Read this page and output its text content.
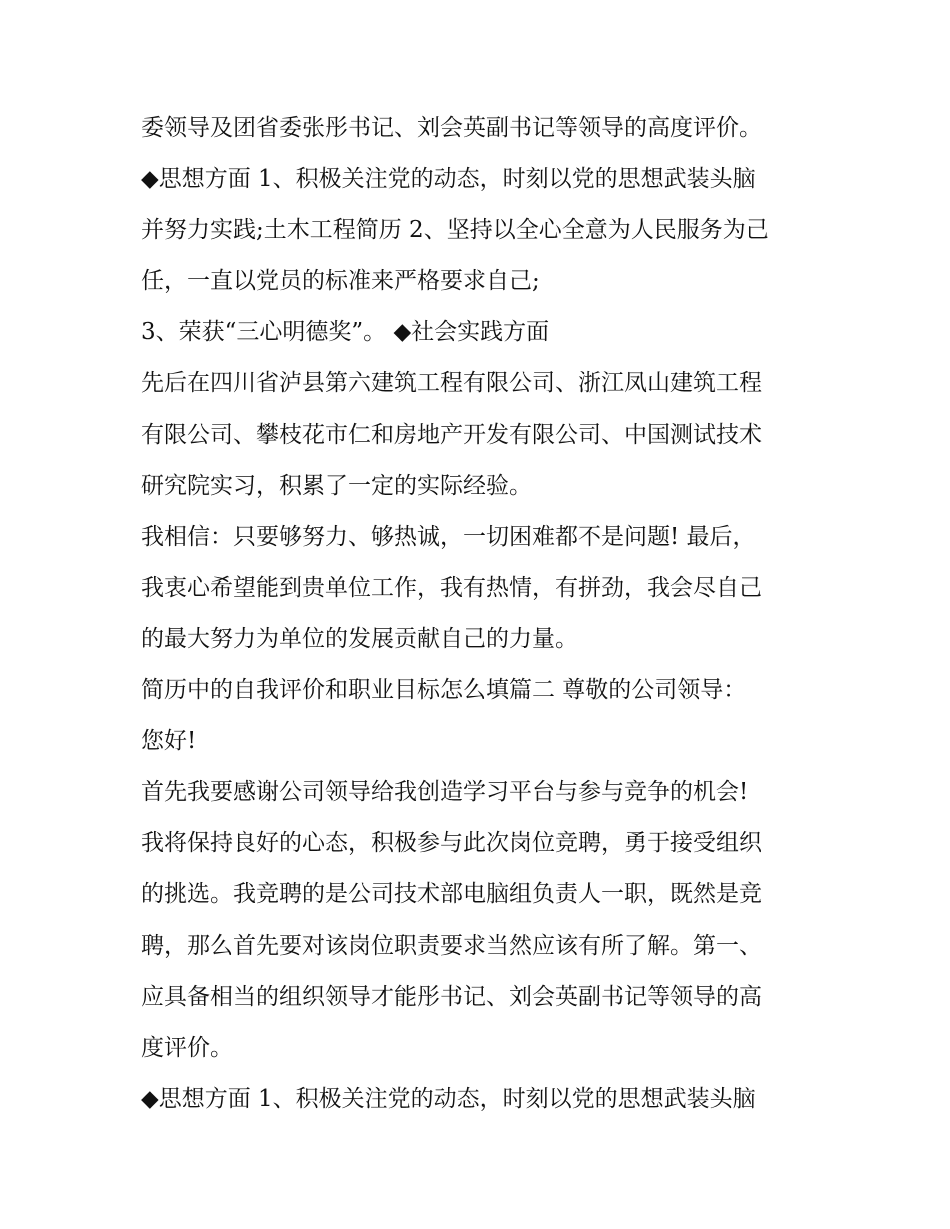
委领导及团省委张彤书记、刘会英副书记等领导的高度评价。
◆思想方面 1、积极关注党的动态，时刻以党的思想武装头脑
并努力实践;土木工程简历 2、坚持以全心全意为人民服务为己
任，一直以党员的标准来严格要求自己;
3、荣获“三心明德奖”。 ◆社会实践方面
先后在四川省泸县第六建筑工程有限公司、浙江凤山建筑工程
有限公司、攀枝花市仁和房地产开发有限公司、中国测试技术
研究院实习，积累了一定的实际经验。
我相信：只要够努力、够热诚，一切困难都不是问题! 最后，
我衷心希望能到贵单位工作，我有热情，有拼劲，我会尽自己
的最大努力为单位的发展贡献自己的力量。
简历中的自我评价和职业目标怎么填篇二 尊敬的公司领导：
您好!
首先我要感谢公司领导给我创造学习平台与参与竞争的机会!
我将保持良好的心态，积极参与此次岗位竞聘，勇于接受组织
的挑选。我竞聘的是公司技术部电脑组负责人一职，既然是竞
聘，那么首先要对该岗位职责要求当然应该有所了解。第一、
应具备相当的组织领导才能彤书记、刘会英副书记等领导的高
度评价。
◆思想方面 1、积极关注党的动态，时刻以党的思想武装头脑
